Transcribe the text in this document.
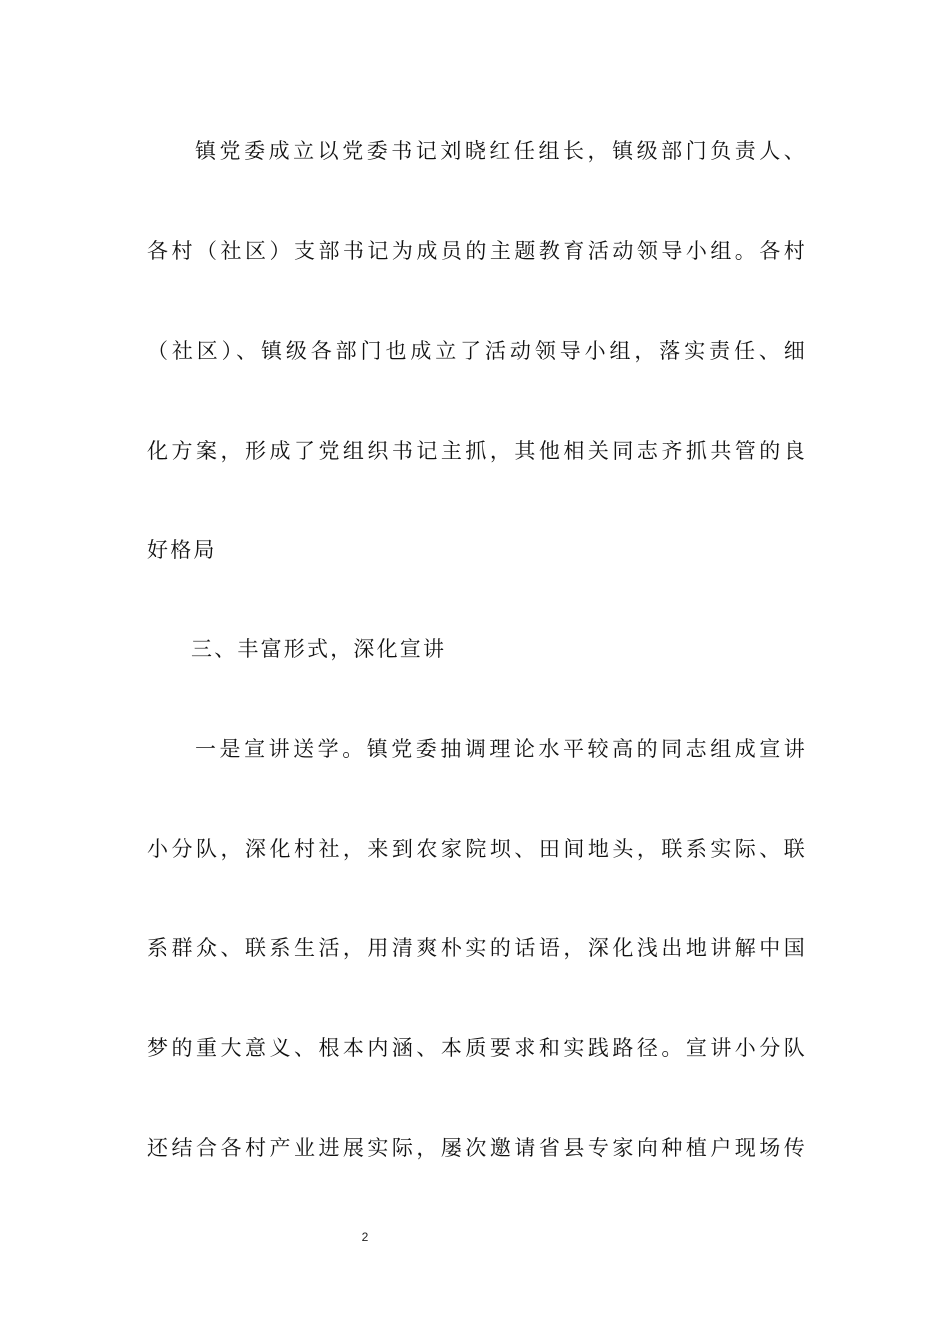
镇党委成立以党委书记刘晓红任组长，镇级部门负责人、
各村（社区）支部书记为成员的主题教育活动领导小组。各村
（社区）、镇级各部门也成立了活动领导小组，落实责任、细
化方案，形成了党组织书记主抓，其他相关同志齐抓共管的良
好格局
三、丰富形式，深化宣讲
一是宣讲送学。镇党委抽调理论水平较高的同志组成宣讲
小分队，深化村社，来到农家院坝、田间地头，联系实际、联
系群众、联系生活，用清爽朴实的话语，深化浅出地讲解中国
梦的重大意义、根本内涵、本质要求和实践路径。宣讲小分队
还结合各村产业进展实际，屡次邀请省县专家向种植户现场传
2
